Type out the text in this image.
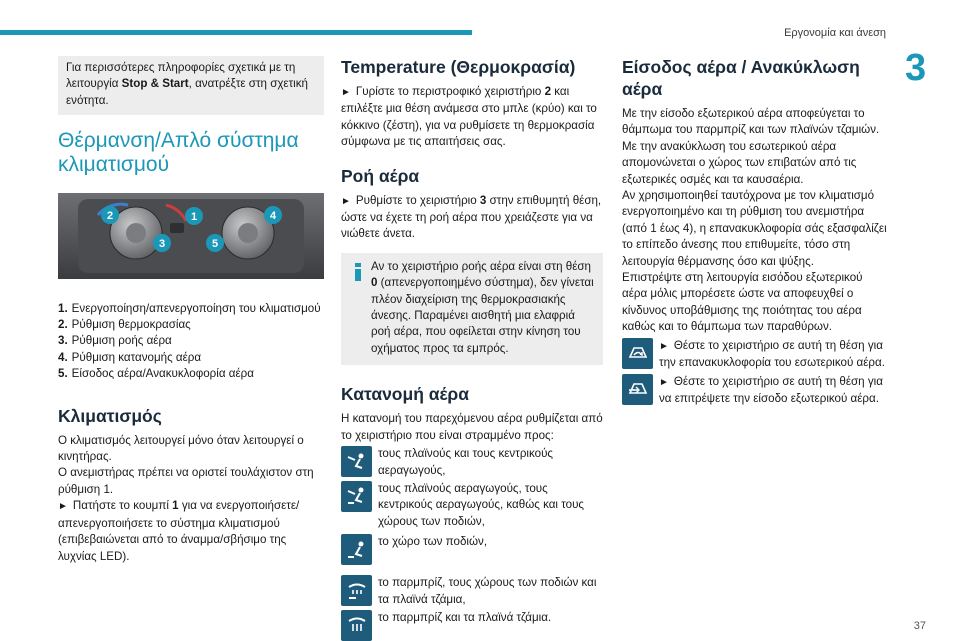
Εργονομία και άνεση
3

Για περισσότερες πληροφορίες σχετικά με τη λειτουργία Stop & Start, ανατρέξτε στη σχετική ενότητα.

Θέρμανση/Απλό σύστημα κλιματισμού
2	1	4
3	5
1. Ενεργοποίηση/απενεργοποίηση του κλιματισμού
2. Ρύθμιση θερμοκρασίας
3. Ρύθμιση ροής αέρα
4. Ρύθμιση κατανομής αέρα
5. Είσοδος αέρα/Ανακυκλοφορία αέρα
Κλιματισμός

Ο κλιματισμός λειτουργεί μόνο όταν λειτουργεί ο κινητήρας.

Ο ανεμιστήρας πρέπει να οριστεί τουλάχιστον στη ρύθμιση 1.

► Πατήστε το κουμπί 1 για να ενεργοποιήσετε/ απενεργοποιήσετε το σύστημα κλιματισμού (επιβεβαιώνεται από το άναμμα/σβήσιμο της λυχνίας LED).

Temperature (Θερμοκρασία)

► Γυρίστε το περιστροφικό χειριστήριο 2 και επιλέξτε μια θέση ανάμεσα στο μπλε (κρύο) και το κόκκινο (ζέστη), για να ρυθμίσετε τη θερμοκρασία σύμφωνα με τις απαιτήσεις σας.

Ροή αέρα

► Ρυθμίστε το χειριστήριο 3 στην επιθυμητή θέση, ώστε να έχετε τη ροή αέρα που χρειάζεστε για να νιώθετε άνετα.

Αν το χειριστήριο ροής αέρα είναι στη θέση 0 (απενεργοποιημένο σύστημα), δεν γίνεται πλέον διαχείριση της θερμοκρασιακής άνεσης. Παραμένει αισθητή μια ελαφριά ροή αέρα, που οφείλεται στην κίνηση του οχήματος προς τα εμπρός.

Κατανομή αέρα

Η κατανομή του παρεχόμενου αέρα ρυθμίζεται από το χειριστήριο που είναι στραμμένο προς:

τους πλαϊνούς και τους κεντρικούς αεραγωγούς,
τους πλαϊνούς αεραγωγούς, τους κεντρικούς αεραγωγούς, καθώς και τους χώρους των ποδιών,
το χώρο των ποδιών,
το παρμπρίζ, τους χώρους των ποδιών και τα πλαϊνά τζάμια,
το παρμπρίζ και τα πλαϊνά τζάμια.
Είσοδος αέρα / Ανακύκλωση αέρα

Με την είσοδο εξωτερικού αέρα αποφεύγεται το θάμπωμα του παρμπρίζ και των πλαϊνών τζαμιών.

Με την ανακύκλωση του εσωτερικού αέρα απομονώνεται ο χώρος των επιβατών από τις εξωτερικές οσμές και τα καυσαέρια.

Αν χρησιμοποιηθεί ταυτόχρονα με τον κλιματισμό ενεργοποιημένο και τη ρύθμιση του ανεμιστήρα (από 1 έως 4), η επανακυκλοφορία σάς εξασφαλίζει το επίπεδο άνεσης που επιθυμείτε, τόσο στη λειτουργία θέρμανσης όσο και ψύξης.

Επιστρέψτε στη λειτουργία εισόδου εξωτερικού αέρα μόλις μπορέσετε ώστε να αποφευχθεί ο κίνδυνος υποβάθμισης της ποιότητας του αέρα καθώς και το θάμπωμα των παραθύρων.

► Θέστε το χειριστήριο σε αυτή τη θέση για την επανακυκλοφορία του εσωτερικού αέρα.
► Θέστε το χειριστήριο σε αυτή τη θέση για να επιτρέψετε την είσοδο εξωτερικού αέρα.
37
